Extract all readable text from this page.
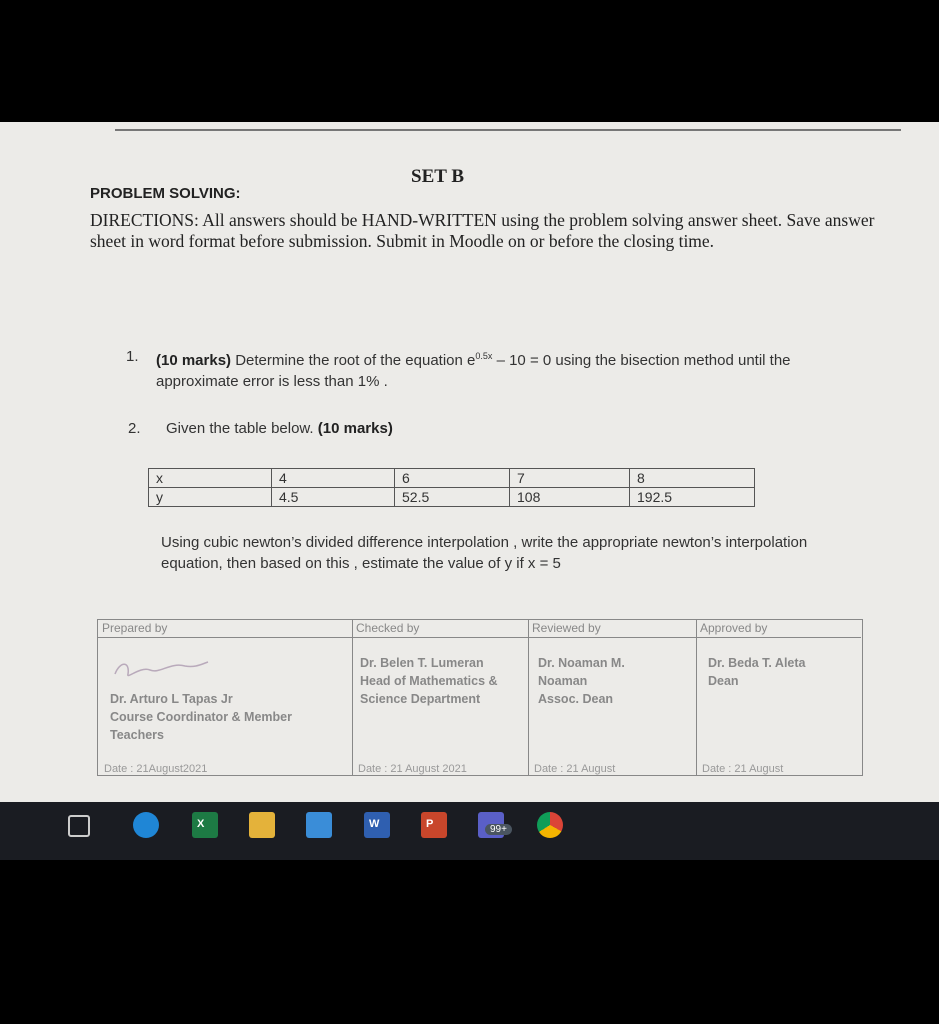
SET B
PROBLEM SOLVING:
DIRECTIONS: All answers should be HAND-WRITTEN using the problem solving answer sheet. Save answer sheet in word format before submission. Submit in Moodle on or before the closing time.
1. (10 marks) Determine the root of the equation $e^{0.5x} - 10 = 0$ using the bisection method until the approximate error is less than 1% .
2. Given the table below. (10 marks)
x	4	6	7	8
y	4.5	52.5	108	192.5
Using cubic newton’s divided difference interpolation , write the appropriate newton’s interpolation equation, then based on this , estimate the value of y if x = 5
Prepared by
Dr. Arturo L Tapas Jr
Course Coordinator & Member Teachers
Date : 21August2021
Checked by
Dr. Belen T. Lumeran
Head of Mathematics & Science Department
Date : 21 August 2021
Reviewed by
Dr. Noaman M. Noaman
Assoc. Dean
Date : 21 August
Approved by
Dr. Beda T. Aleta
Dean
Date : 21 August
X	W	P	99+
